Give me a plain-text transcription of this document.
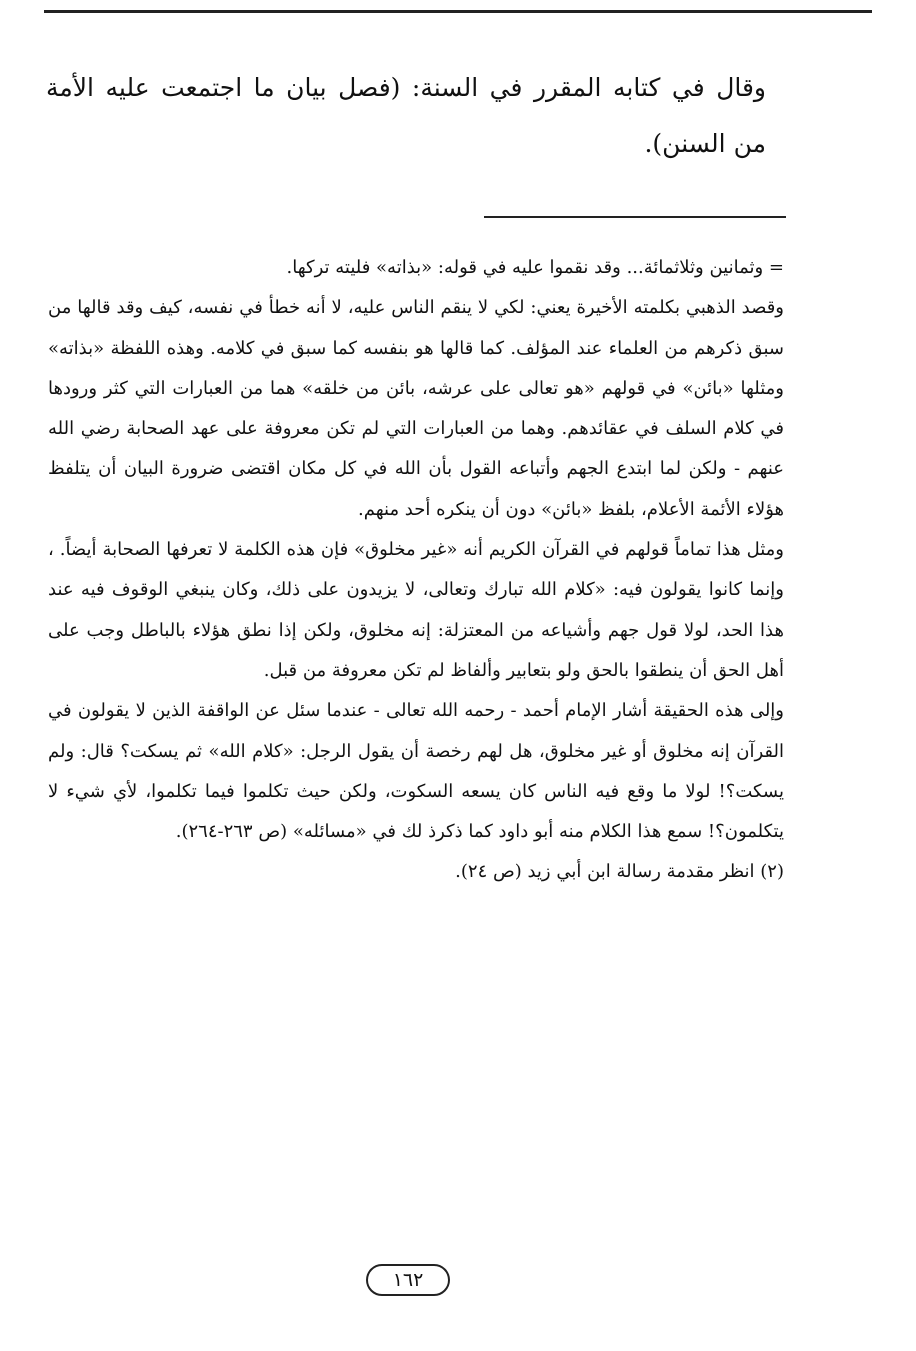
وقال في كتابه المقرر في السنة: (فصل بيان ما اجتمعت عليه الأمة من السنن).

= وثمانين وثلاثمائة... وقد نقموا عليه في قوله: «بذاته» فليته تركها.

وقصد الذهبي بكلمته الأخيرة يعني: لكي لا ينقم الناس عليه، لا أنه خطأ في نفسه، كيف وقد قالها من سبق ذكرهم من العلماء عند المؤلف. كما قالها هو بنفسه كما سبق في كلامه. وهذه اللفظة «بذاته» ومثلها «بائن» في قولهم «هو تعالى على عرشه، بائن من خلقه» هما من العبارات التي كثر ورودها في كلام السلف في عقائدهم. وهما من العبارات التي لم تكن معروفة على عهد الصحابة رضي الله عنهم - ولكن لما ابتدع الجهم وأتباعه القول بأن الله في كل مكان اقتضى ضرورة البيان أن يتلفظ هؤلاء الأئمة الأعلام، بلفظ «بائن» دون أن ينكره أحد منهم.

ومثل هذا تماماً قولهم في القرآن الكريم أنه «غير مخلوق» فإن هذه الكلمة لا تعرفها الصحابة أيضاً. ، وإنما كانوا يقولون فيه: «كلام الله تبارك وتعالى، لا يزيدون على ذلك، وكان ينبغي الوقوف فيه عند هذا الحد، لولا قول جهم وأشياعه من المعتزلة: إنه مخلوق، ولكن إذا نطق هؤلاء بالباطل وجب على أهل الحق أن ينطقوا بالحق ولو بتعابير وألفاظ لم تكن معروفة من قبل.

وإلى هذه الحقيقة أشار الإمام أحمد - رحمه الله تعالى - عندما سئل عن الواقفة الذين لا يقولون في القرآن إنه مخلوق أو غير مخلوق، هل لهم رخصة أن يقول الرجل: «كلام الله» ثم يسكت؟ قال: ولم يسكت؟! لولا ما وقع فيه الناس كان يسعه السكوت، ولكن حيث تكلموا فيما تكلموا، لأي شيء لا يتكلمون؟! سمع هذا الكلام منه أبو داود كما ذكرذ لك في «مسائله» (ص ٢٦٣-٢٦٤).

(٢) انظر مقدمة رسالة ابن أبي زيد (ص ٢٤).

١٦٢
